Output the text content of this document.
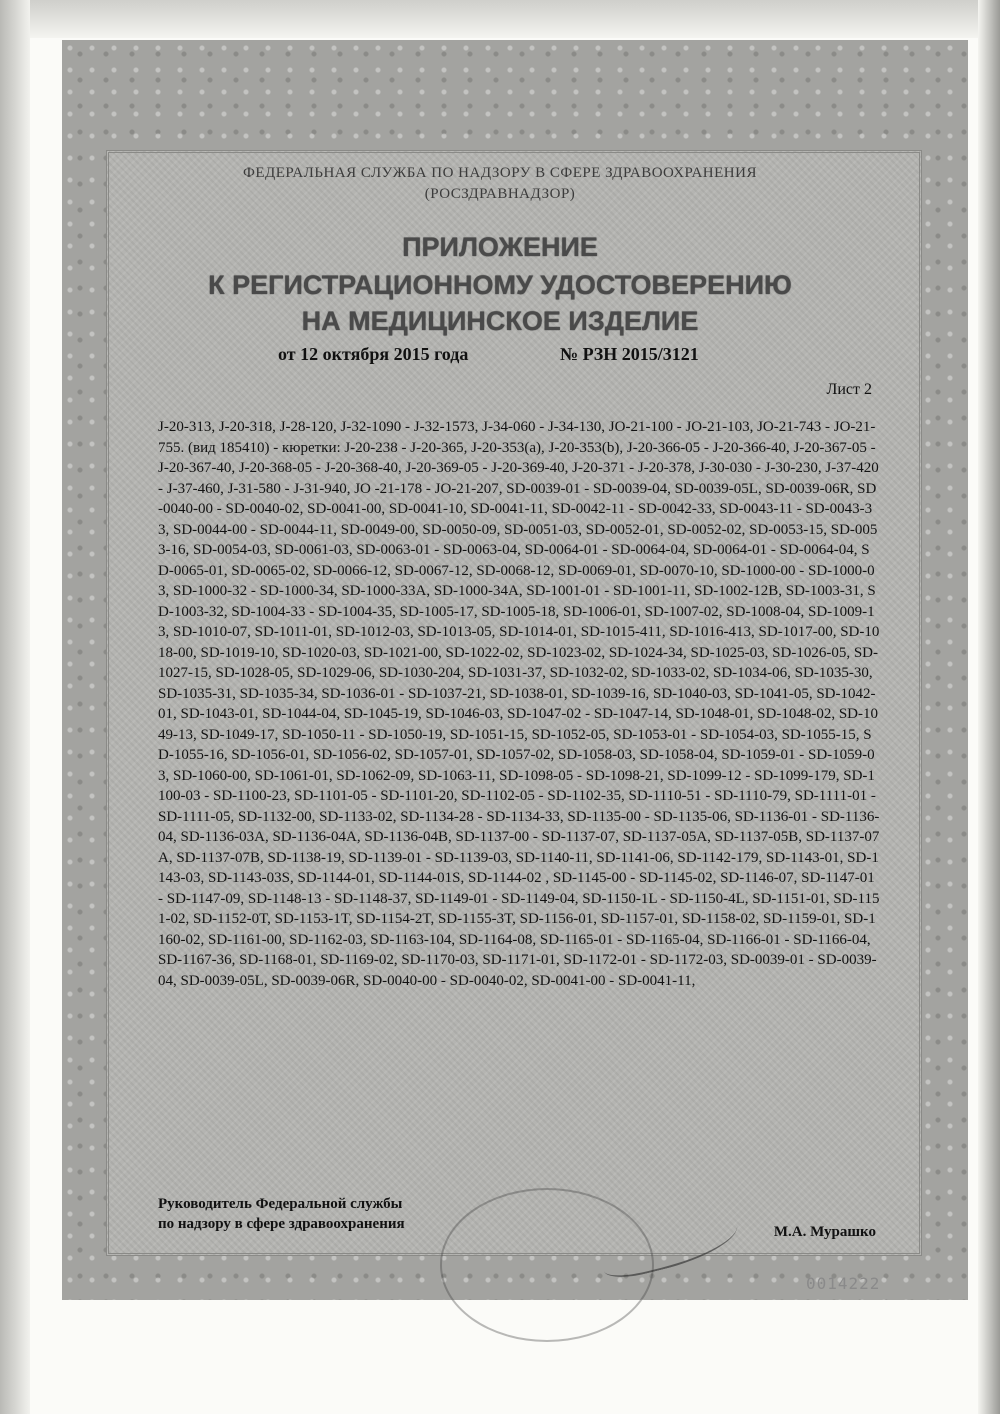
ФЕДЕРАЛЬНАЯ СЛУЖБА ПО НАДЗОРУ В СФЕРЕ ЗДРАВООХРАНЕНИЯ
(РОСЗДРАВНАДЗОР)
ПРИЛОЖЕНИЕ
К РЕГИСТРАЦИОННОМУ УДОСТОВЕРЕНИЮ
НА МЕДИЦИНСКОЕ ИЗДЕЛИЕ
от 12 октября 2015 года	№ РЗН 2015/3121
Лист 2
J-20-313, J-20-318, J-28-120, J-32-1090 - J-32-1573, J-34-060 - J-34-130, JO-21-100 - JO-21-103, JO-21-743 - JO-21-755. (вид 185410) - кюретки: J-20-238 - J-20-365, J-20-353(a), J-20-353(b), J-20-366-05 - J-20-366-40, J-20-367-05 - J-20-367-40, J-20-368-05 - J-20-368-40, J-20-369-05 - J-20-369-40, J-20-371 - J-20-378, J-30-030 - J-30-230, J-37-420 - J-37-460, J-31-580 - J-31-940, JO -21-178 - JO-21-207, SD-0039-01 - SD-0039-04, SD-0039-05L, SD-0039-06R, SD-0040-00 - SD-0040-02, SD-0041-00, SD-0041-10, SD-0041-11, SD-0042-11 - SD-0042-33, SD-0043-11 - SD-0043-33, SD-0044-00 - SD-0044-11, SD-0049-00, SD-0050-09, SD-0051-03, SD-0052-01, SD-0052-02, SD-0053-15, SD-0053-16, SD-0054-03, SD-0061-03, SD-0063-01 - SD-0063-04, SD-0064-01 - SD-0064-04, SD-0064-01 - SD-0064-04, SD-0065-01, SD-0065-02, SD-0066-12, SD-0067-12, SD-0068-12, SD-0069-01, SD-0070-10, SD-1000-00 - SD-1000-03, SD-1000-32 - SD-1000-34, SD-1000-33A, SD-1000-34A, SD-1001-01 - SD-1001-11, SD-1002-12B, SD-1003-31, SD-1003-32, SD-1004-33 - SD-1004-35, SD-1005-17, SD-1005-18, SD-1006-01, SD-1007-02, SD-1008-04, SD-1009-13, SD-1010-07, SD-1011-01, SD-1012-03, SD-1013-05, SD-1014-01, SD-1015-411, SD-1016-413, SD-1017-00, SD-1018-00, SD-1019-10, SD-1020-03, SD-1021-00, SD-1022-02, SD-1023-02, SD-1024-34, SD-1025-03, SD-1026-05, SD-1027-15, SD-1028-05, SD-1029-06, SD-1030-204, SD-1031-37, SD-1032-02, SD-1033-02, SD-1034-06, SD-1035-30, SD-1035-31, SD-1035-34, SD-1036-01 - SD-1037-21, SD-1038-01, SD-1039-16, SD-1040-03, SD-1041-05, SD-1042-01, SD-1043-01, SD-1044-04, SD-1045-19, SD-1046-03, SD-1047-02 - SD-1047-14, SD-1048-01, SD-1048-02, SD-1049-13, SD-1049-17, SD-1050-11 - SD-1050-19, SD-1051-15, SD-1052-05, SD-1053-01 - SD-1054-03, SD-1055-15, SD-1055-16, SD-1056-01, SD-1056-02, SD-1057-01, SD-1057-02, SD-1058-03, SD-1058-04, SD-1059-01 - SD-1059-03, SD-1060-00, SD-1061-01, SD-1062-09, SD-1063-11, SD-1098-05 - SD-1098-21, SD-1099-12 - SD-1099-179, SD-1100-03 - SD-1100-23, SD-1101-05 - SD-1101-20, SD-1102-05 - SD-1102-35, SD-1110-51 - SD-1110-79, SD-1111-01 - SD-1111-05, SD-1132-00, SD-1133-02, SD-1134-28 - SD-1134-33, SD-1135-00 - SD-1135-06, SD-1136-01 - SD-1136-04, SD-1136-03A, SD-1136-04A, SD-1136-04B, SD-1137-00 - SD-1137-07, SD-1137-05A, SD-1137-05B, SD-1137-07A, SD-1137-07B, SD-1138-19, SD-1139-01 - SD-1139-03, SD-1140-11, SD-1141-06, SD-1142-179, SD-1143-01, SD-1143-03, SD-1143-03S, SD-1144-01, SD-1144-01S, SD-1144-02 , SD-1145-00 - SD-1145-02, SD-1146-07, SD-1147-01 - SD-1147-09, SD-1148-13 - SD-1148-37, SD-1149-01 - SD-1149-04, SD-1150-1L - SD-1150-4L, SD-1151-01, SD-1151-02, SD-1152-0T, SD-1153-1T, SD-1154-2T, SD-1155-3T, SD-1156-01, SD-1157-01, SD-1158-02, SD-1159-01, SD-1160-02, SD-1161-00, SD-1162-03, SD-1163-104, SD-1164-08, SD-1165-01 - SD-1165-04, SD-1166-01 - SD-1166-04, SD-1167-36, SD-1168-01, SD-1169-02, SD-1170-03, SD-1171-01, SD-1172-01 - SD-1172-03, SD-0039-01 - SD-0039-04, SD-0039-05L, SD-0039-06R, SD-0040-00 - SD-0040-02, SD-0041-00 - SD-0041-11,
Руководитель Федеральной службы
по надзору в сфере здравоохранения	М.А. Мурашко
0014222
